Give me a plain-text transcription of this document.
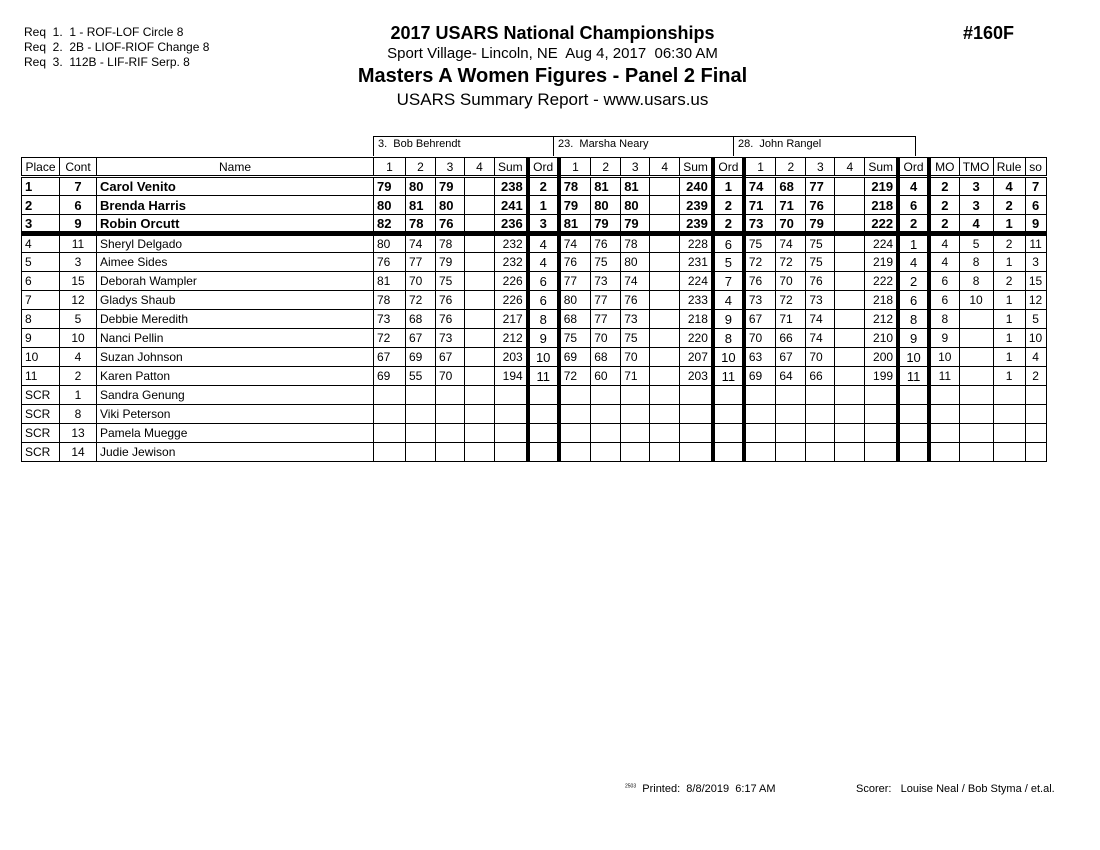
Req  1.  1 - ROF-LOF Circle 8
Req  2.  2B - LIOF-RIOF Change 8
Req  3.  112B - LIF-RIF Serp. 8
2017 USARS National Championships
Sport Village- Lincoln, NE  Aug 4, 2017  06:30 AM
Masters A Women Figures - Panel 2 Final
USARS Summary Report - www.usars.us
#160F
3.  Bob Behrendt	23.  Marsha Neary	28.  John Rangel
Place	Cont	Name	1	2	3	4	Sum	Ord	1	2	3	4	Sum	Ord	1	2	3	4	Sum	Ord	MO	TMO	Rule	so
1	7	Carol Venito	79	80	79		238	2	78	81	81		240	1	74	68	77		219	4	2	3	4	7
2	6	Brenda Harris	80	81	80		241	1	79	80	80		239	2	71	71	76		218	6	2	3	2	6
3	9	Robin Orcutt	82	78	76		236	3	81	79	79		239	2	73	70	79		222	2	2	4	1	9
4	11	Sheryl Delgado	80	74	78		232	4	74	76	78		228	6	75	74	75		224	1	4	5	2	11
5	3	Aimee Sides	76	77	79		232	4	76	75	80		231	5	72	72	75		219	4	4	8	1	3
6	15	Deborah Wampler	81	70	75		226	6	77	73	74		224	7	76	70	76		222	2	6	8	2	15
7	12	Gladys Shaub	78	72	76		226	6	80	77	76		233	4	73	72	73		218	6	6	10	1	12
8	5	Debbie Meredith	73	68	76		217	8	68	77	73		218	9	67	71	74		212	8	8		1	5
9	10	Nanci Pellin	72	67	73		212	9	75	70	75		220	8	70	66	74		210	9	9		1	10
10	4	Suzan Johnson	67	69	67		203	10	69	68	70		207	10	63	67	70		200	10	10		1	4
11	2	Karen Patton	69	55	70		194	11	72	60	71		203	11	69	64	66		199	11	11		1	2
SCR	1	Sandra Genung																						
SCR	8	Viki Peterson																						
SCR	13	Pamela Muegge																						
SCR	14	Judie Jewison																						
$^{2503}$ Printed:  8/8/2019  6:17 AM	Scorer:   Louise Neal / Bob Styma / et.al.
